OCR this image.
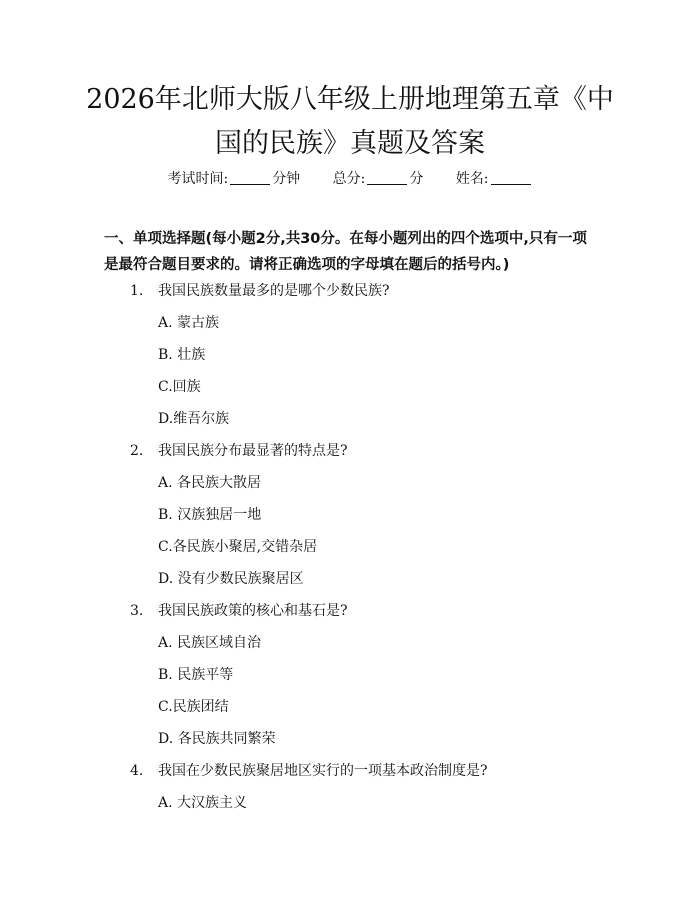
2026年北师大版八年级上册地理第五章《中
国的民族》真题及答案
考试时间:	分钟 总分:	分 姓名:
一、单项选择题(每小题2分,共30分。在每小题列出的四个选项中,只有一项
是最符合题目要求的。请将正确选项的字母填在题后的括号内。)
1. 我国民族数量最多的是哪个少数民族?
A. 蒙古族
B. 壮族
C.回族
D.维吾尔族
2. 我国民族分布最显著的特点是?
A. 各民族大散居
B. 汉族独居一地
C.各民族小聚居,交错杂居
D. 没有少数民族聚居区
3. 我国民族政策的核心和基石是?
A. 民族区域自治
B. 民族平等
C.民族团结
D. 各民族共同繁荣
4. 我国在少数民族聚居地区实行的一项基本政治制度是?
A. 大汉族主义
